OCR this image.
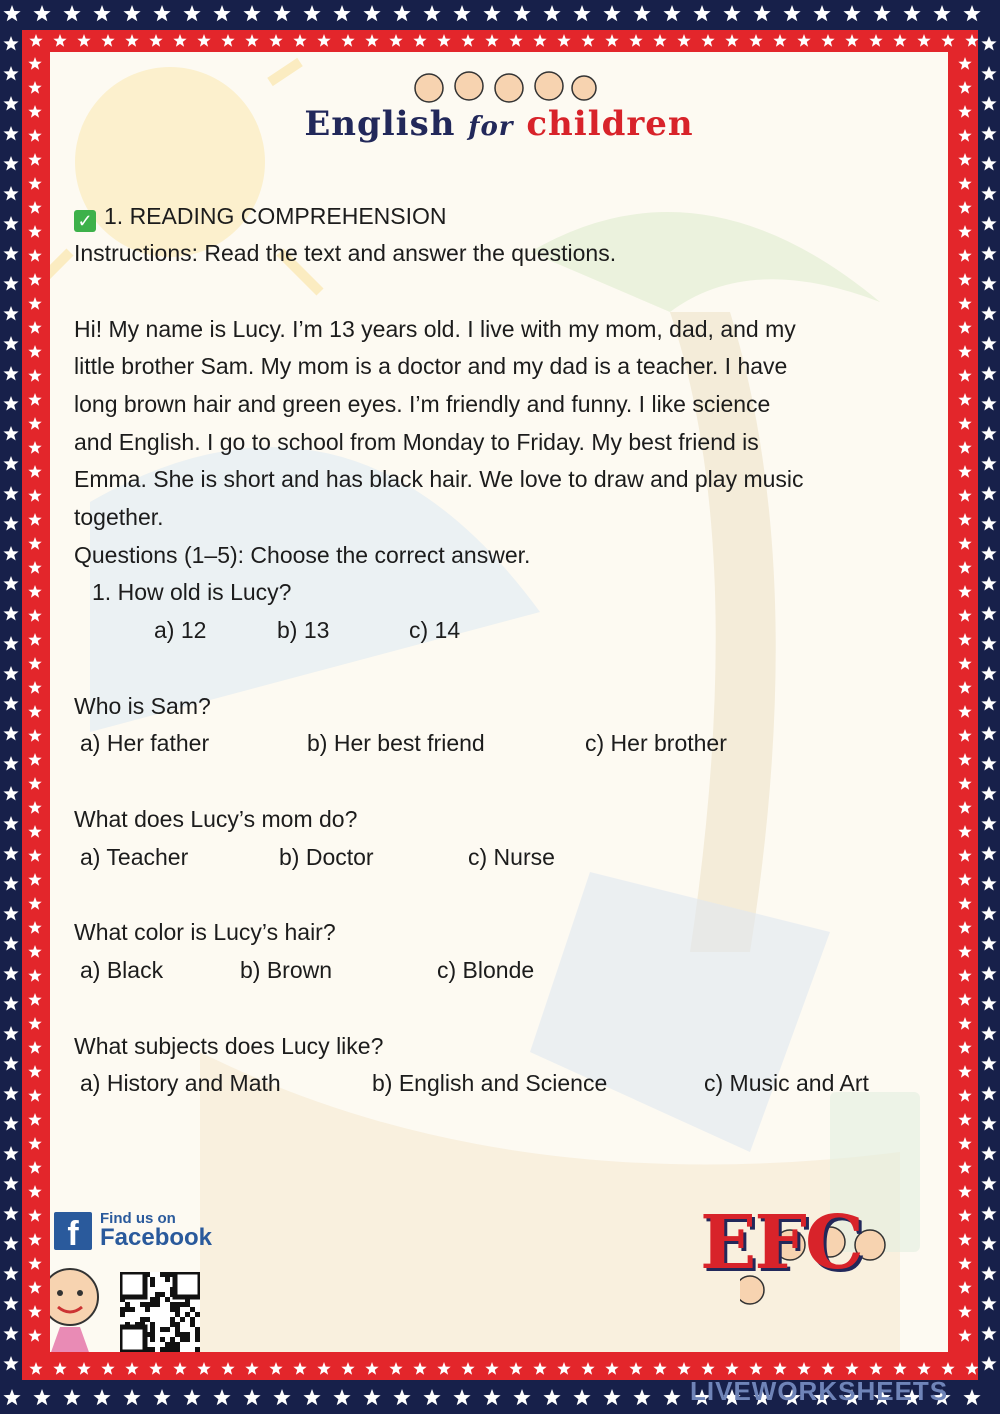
English for children
✓ 1. READING COMPREHENSION
Instructions: Read the text and answer the questions.
Hi! My name is Lucy. I’m 13 years old. I live with my mom, dad, and my
little brother Sam. My mom is a doctor and my dad is a teacher. I have
long brown hair and green eyes. I’m friendly and funny. I like science
and English. I go to school from Monday to Friday. My best friend is
Emma. She is short and has black hair. We love to draw and play music
together.
Questions (1–5): Choose the correct answer.
1. How old is Lucy?
a) 12	b) 13	c) 14
Who is Sam?
a) Her father	b) Her best friend	c) Her brother
What does Lucy’s mom do?
a) Teacher	b) Doctor	c) Nurse
What color is Lucy’s hair?
a) Black	b) Brown	c) Blonde
What subjects does Lucy like?
a) History and Math	b) English and Science	c) Music and Art
f	Find us on
Facebook	EFC
LIVEWORKSHEETS
